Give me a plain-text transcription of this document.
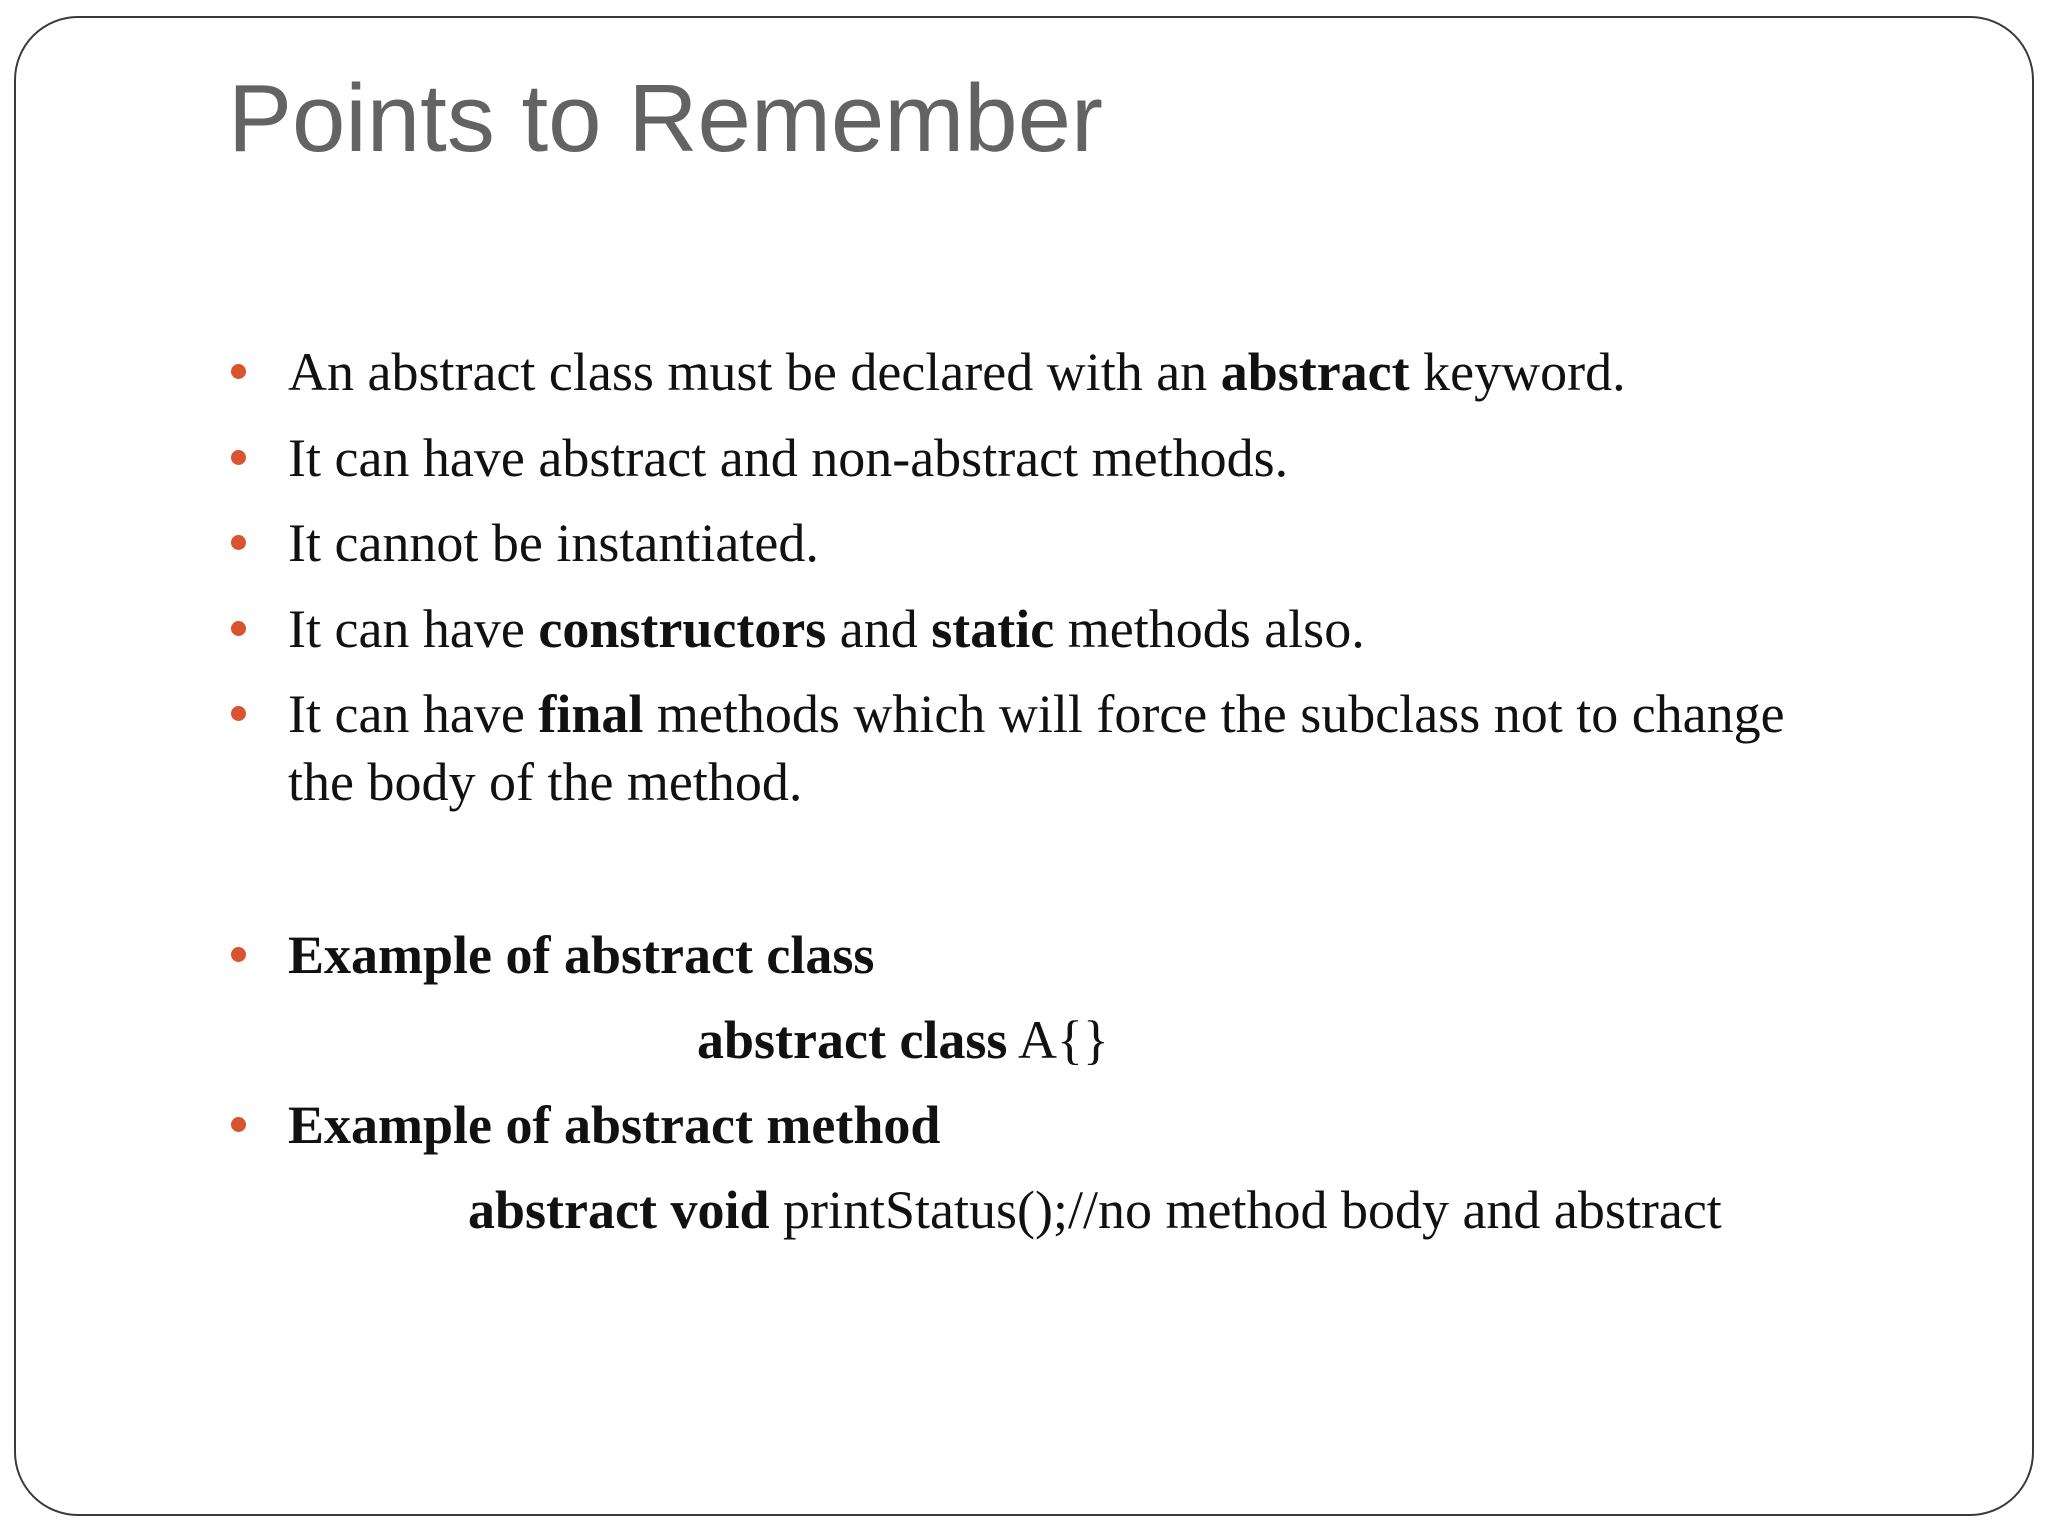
Points to Remember
An abstract class must be declared with an abstract keyword.
It can have abstract and non-abstract methods.
It cannot be instantiated.
It can have constructors and static methods also.
It can have final methods which will force the subclass not to change
the body of the method.
Example of abstract class
abstract class A{}
Example of abstract method
abstract void printStatus();//no method body and abstract
